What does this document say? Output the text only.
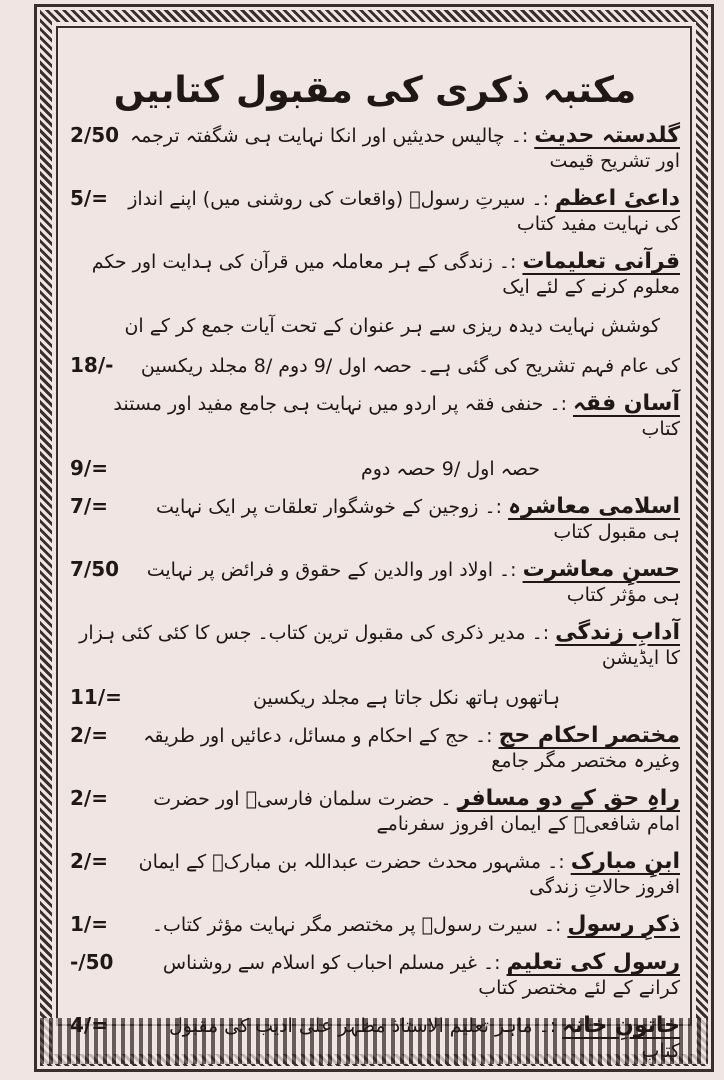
مکتبہ ذکری کی مقبول کتابیں
گلدستہ حدیث:۔ چالیس حدیثیں اور انکا نہایت ہی شگفتہ ترجمہ اور تشریح قیمت
2/50
داعیٔ اعظم:۔ سیرتِ رسولؐ (واقعات کی روشنی میں) اپنے انداز کی نہایت مفید کتاب
5/=
قرآنی تعلیمات:۔ زندگی کے ہر معاملہ میں قرآن کی ہدایت اور حکم معلوم کرنے کے لئے ایک
کوشش نہایت دیدہ ریزی سے ہر عنوان کے تحت آیات جمع کر کے ان
کی عام فہم تشریح کی گئی ہے۔ حصہ اول ‎9/‎ دوم ‎8/‎ مجلد ریکسین
18/-
آسان فقہ:۔ حنفی فقہ پر اردو میں نہایت ہی جامع مفید اور مستند کتاب
حصہ اول ‎9/‎ حصہ دوم
9/=
اسلامی معاشرہ:۔ زوجین کے خوشگوار تعلقات پر ایک نہایت ہی مقبول کتاب
7/=
حسنِ معاشرت:۔ اولاد اور والدین کے حقوق و فرائض پر نہایت ہی مؤثر کتاب
7/50
آدابِ زندگی:۔ مدیر ذکری کی مقبول ترین کتاب۔ جس کا کئی کئی ہزار کا ایڈیشن
ہاتھوں ہاتھ نکل جاتا ہے مجلد ریکسین
11/=
مختصر احکام حج:۔ حج کے احکام و مسائل، دعائیں اور طریقہ وغیرہ مختصر مگر جامع
2/=
راہِ حق کے دو مسافر۔ حضرت سلمان فارسیؓ اور حضرت امام شافعیؒ کے ایمان افروز سفرنامے
2/=
ابنِ مبارک:۔ مشہور محدث حضرت عبداللہ بن مبارکؒ کے ایمان افروز حالاتِ زندگی
2/=
ذکرِ رسول:۔ سیرت رسولؐ پر مختصر مگر نہایت مؤثر کتاب۔
1/=
رسول کی تعلیم:۔ غیر مسلم احباب کو اسلام سے روشناس کرانے کے لئے مختصر کتاب
-/50
خاتونِ خانہ:۔ ماہر تعلیم الاستاذ مظہر علی ادیب کی مقبول کتاب
4/=
